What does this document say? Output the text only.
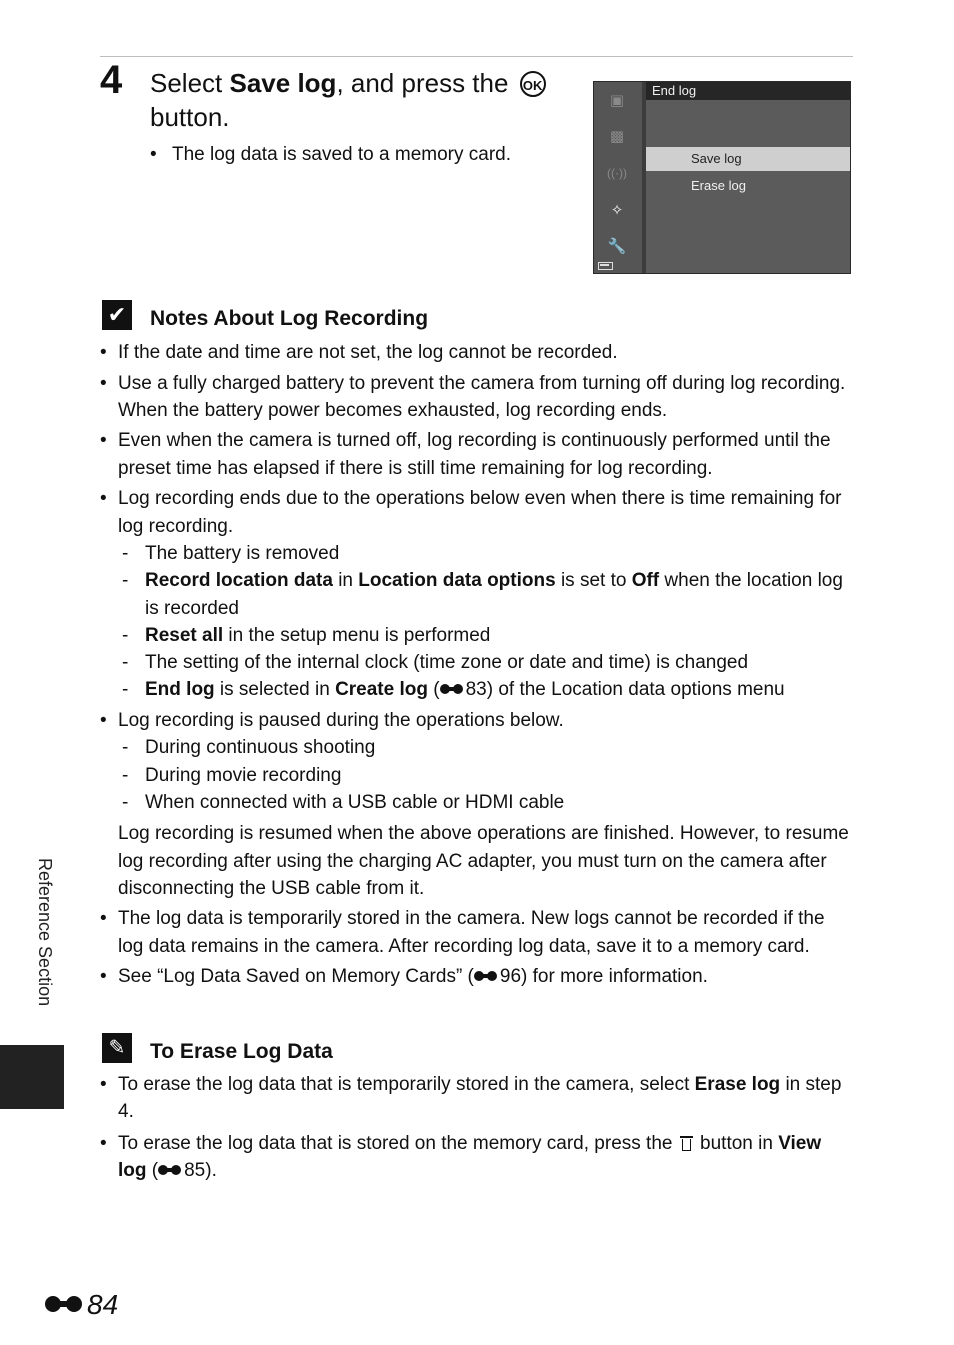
4 Select Save log, and press the OK
button.
• The log data is saved to a memory card.
▣
▩
((·))
✧
🔧
End log
Save log
Erase log
✔ Notes About Log Recording
• If the date and time are not set, the log cannot be recorded.
• Use a fully charged battery to prevent the camera from turning off during log recording. When the battery power becomes exhausted, log recording ends.
• Even when the camera is turned off, log recording is continuously performed until the preset time has elapsed if there is still time remaining for log recording.
• Log recording ends due to the operations below even when there is time remaining for log recording.
- The battery is removed
- Record location data in Location data options is set to Off when the location log is recorded
- Reset all in the setup menu is performed
- The setting of the internal clock (time zone or date and time) is changed
- End log is selected in Create log ( 83) of the Location data options menu
• Log recording is paused during the operations below.
- During continuous shooting
- During movie recording
- When connected with a USB cable or HDMI cable
Log recording is resumed when the above operations are finished. However, to resume log recording after using the charging AC adapter, you must turn on the camera after disconnecting the USB cable from it.
• The log data is temporarily stored in the camera. New logs cannot be recorded if the log data remains in the camera. After recording log data, save it to a memory card.
• See “Log Data Saved on Memory Cards” ( 96) for more information.
✎	To Erase Log Data
• To erase the log data that is temporarily stored in the camera, select Erase log in step 4.
• To erase the log data that is stored on the memory card, press the  button in View log ( 85).
Reference Section
84
